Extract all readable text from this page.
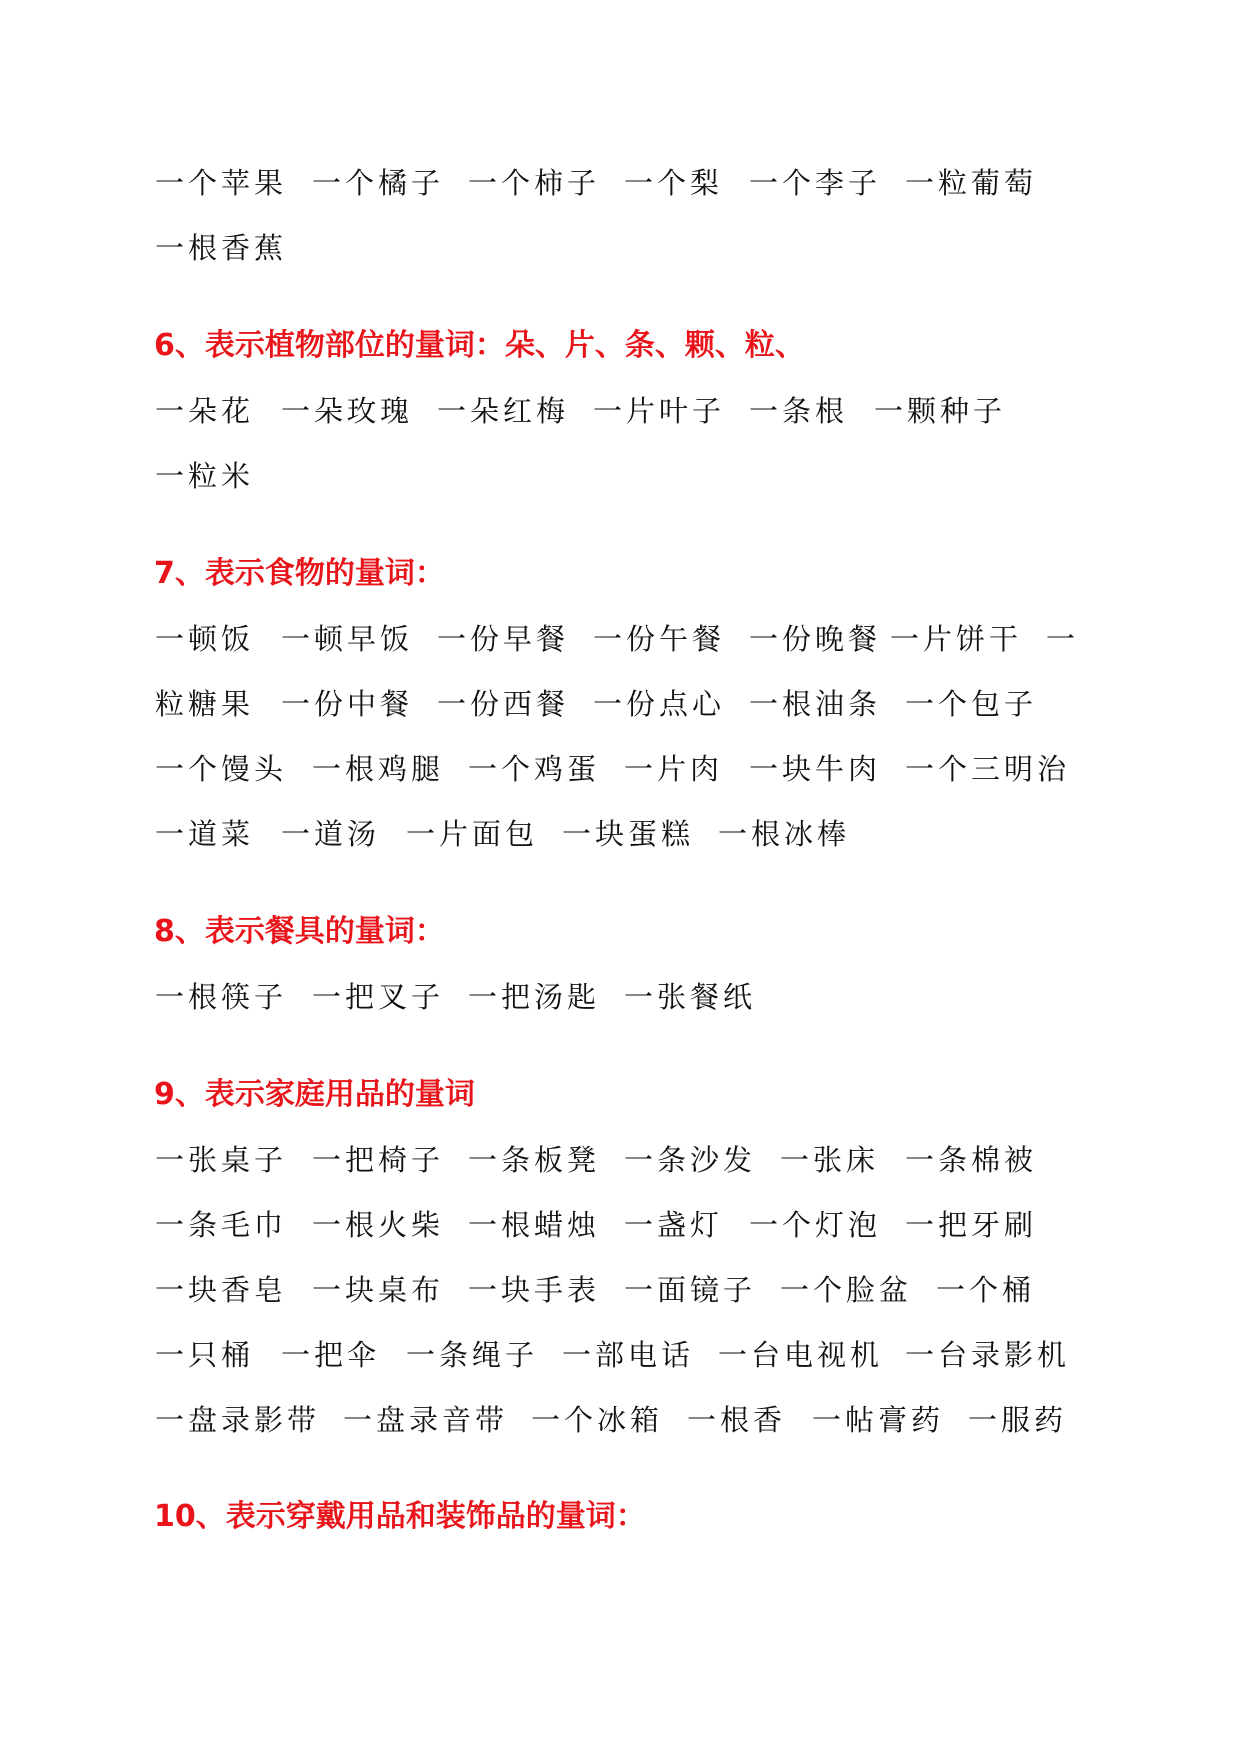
一个苹果 一个橘子 一个柿子 一个梨 一个李子 一粒葡萄
一根香蕉
6、表示植物部位的量词：朵、片、条、颗、粒、
一朵花 一朵玫瑰 一朵红梅 一片叶子 一条根 一颗种子
一粒米
7、表示食物的量词：
一顿饭 一顿早饭 一份早餐 一份午餐 一份晚餐 一片饼干 一
粒糖果 一份中餐 一份西餐 一份点心 一根油条 一个包子
一个馒头 一根鸡腿 一个鸡蛋 一片肉 一块牛肉 一个三明治
一道菜 一道汤 一片面包 一块蛋糕 一根冰棒
8、表示餐具的量词：
一根筷子 一把叉子 一把汤匙 一张餐纸
9、表示家庭用品的量词
一张桌子 一把椅子 一条板凳 一条沙发 一张床 一条棉被
一条毛巾 一根火柴 一根蜡烛 一盏灯 一个灯泡 一把牙刷
一块香皂 一块桌布 一块手表 一面镜子 一个脸盆 一个桶
一只桶 一把伞 一条绳子 一部电话 一台电视机 一台录影机
一盘录影带 一盘录音带 一个冰箱 一根香 一帖膏药 一服药
10、表示穿戴用品和装饰品的量词：
